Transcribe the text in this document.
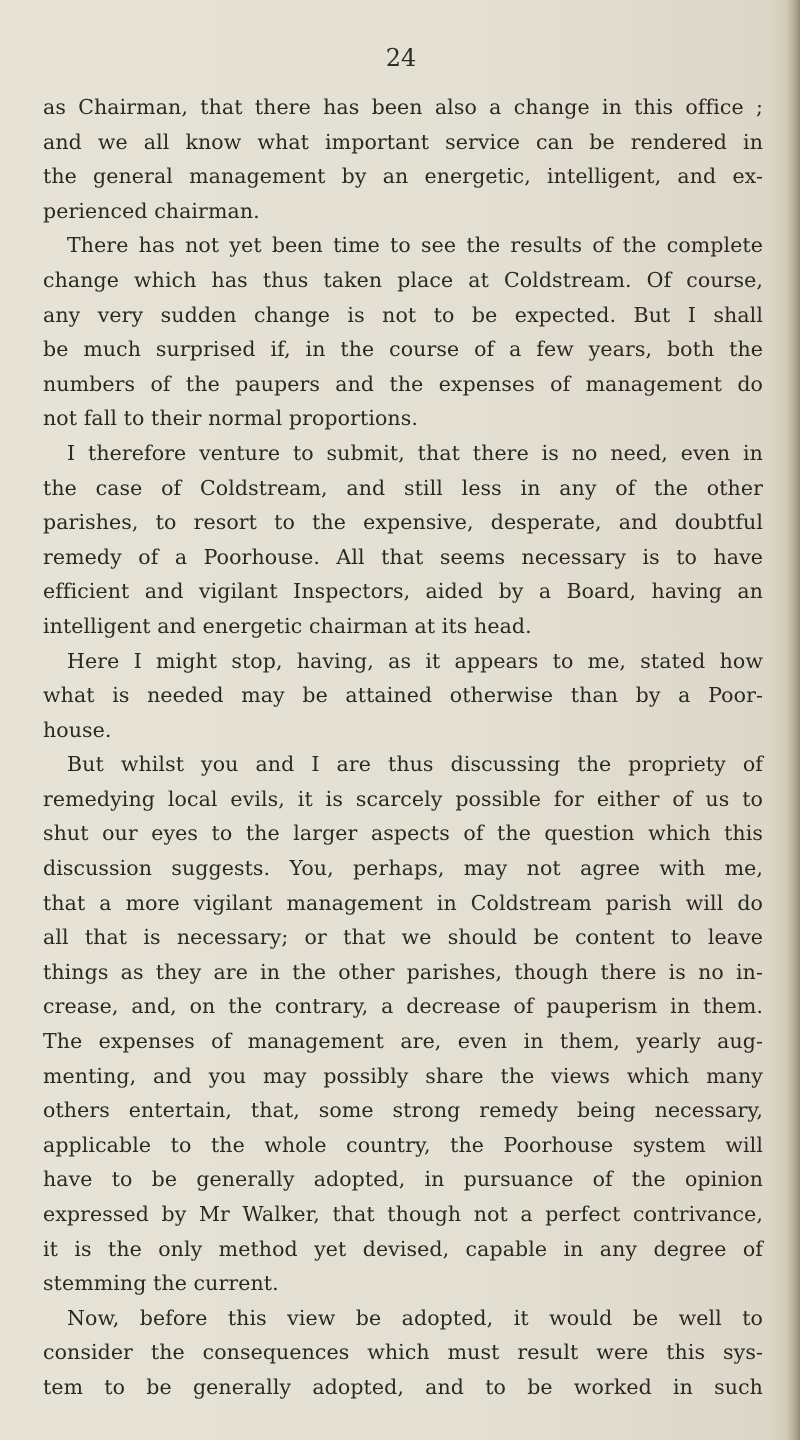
24
as Chairman, that there has been also a change in this office ;
and we all know what important service can be rendered in
the general management by an energetic, intelligent, and ex-
perienced chairman.
There has not yet been time to see the results of the complete
change which has thus taken place at Coldstream. Of course,
any very sudden change is not to be expected. But I shall
be much surprised if, in the course of a few years, both the
numbers of the paupers and the expenses of management do
not fall to their normal proportions.
I therefore venture to submit, that there is no need, even in
the case of Coldstream, and still less in any of the other
parishes, to resort to the expensive, desperate, and doubtful
remedy of a Poorhouse. All that seems necessary is to have
efficient and vigilant Inspectors, aided by a Board, having an
intelligent and energetic chairman at its head.
Here I might stop, having, as it appears to me, stated how
what is needed may be attained otherwise than by a Poor-
house.
But whilst you and I are thus discussing the propriety of
remedying local evils, it is scarcely possible for either of us to
shut our eyes to the larger aspects of the question which this
discussion suggests. You, perhaps, may not agree with me,
that a more vigilant management in Coldstream parish will do
all that is necessary; or that we should be content to leave
things as they are in the other parishes, though there is no in-
crease, and, on the contrary, a decrease of pauperism in them.
The expenses of management are, even in them, yearly aug-
menting, and you may possibly share the views which many
others entertain, that, some strong remedy being necessary,
applicable to the whole country, the Poorhouse system will
have to be generally adopted, in pursuance of the opinion
expressed by Mr Walker, that though not a perfect contrivance,
it is the only method yet devised, capable in any degree of
stemming the current.
Now, before this view be adopted, it would be well to
consider the consequences which must result were this sys-
tem to be generally adopted, and to be worked in such
